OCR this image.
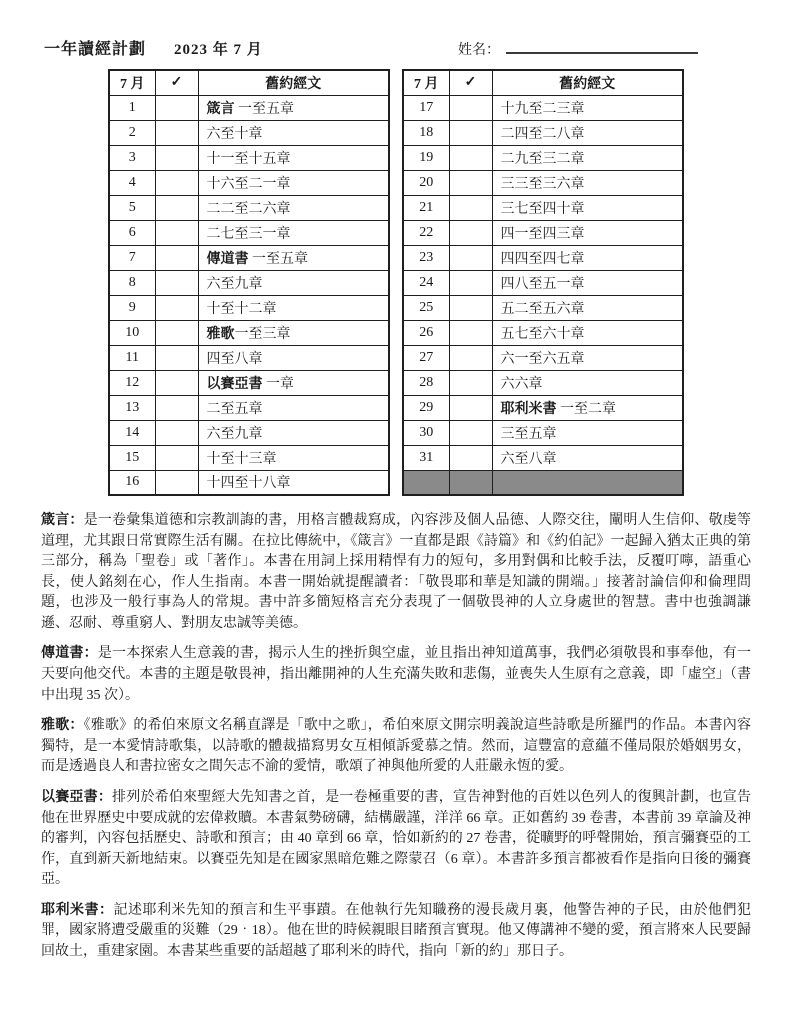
一年讀經計劃 2023 年 7 月	姓名：
7 月	✓	舊約經文
1		箴言 一至五章
2		六至十章
3		十一至十五章
4		十六至二一章
5		二二至二六章
6		二七至三一章
7		傳道書 一至五章
8		六至九章
9		十至十二章
10		雅歌一至三章
11		四至八章
12		以賽亞書 一章
13		二至五章
14		六至九章
15		十至十三章
16		十四至十八章
7 月	✓	舊約經文
17		十九至二三章
18		二四至二八章
19		二九至三二章
20		三三至三六章
21		三七至四十章
22		四一至四三章
23		四四至四七章
24		四八至五一章
25		五二至五六章
26		五七至六十章
27		六一至六五章
28		六六章
29		耶利米書 一至二章
30		三至五章
31		六至八章

箴言：是一卷彙集道德和宗教訓誨的書，用格言體裁寫成，內容涉及個人品德、人際交往，闡明人生信仰、敬虔等道理，尤其跟日常實際生活有關。在拉比傳統中，《箴言》一直都是跟《詩篇》和《約伯記》一起歸入猶太正典的第三部分，稱為「聖卷」或「著作」。本書在用詞上採用精悍有力的短句，多用對偶和比較手法，反覆叮嚀，語重心長，使人銘刻在心，作人生指南。本書一開始就提醒讀者：「敬畏耶和華是知識的開端。」接著討論信仰和倫理問題，也涉及一般行事為人的常規。書中許多簡短格言充分表現了一個敬畏神的人立身處世的智慧。書中也強調謙遜、忍耐、尊重窮人、對朋友忠誠等美德。

傳道書：是一本探索人生意義的書，揭示人生的挫折與空虛，並且指出神知道萬事，我們必須敬畏和事奉他，有一天要向他交代。本書的主題是敬畏神，指出離開神的人生充滿失敗和悲傷，並喪失人生原有之意義，即「虛空」（書中出現 35 次）。

雅歌：《雅歌》的希伯來原文名稱直譯是「歌中之歌」，希伯來原文開宗明義說這些詩歌是所羅門的作品。本書內容獨特，是一本愛情詩歌集，以詩歌的體裁描寫男女互相傾訴愛慕之情。然而，這豐富的意蘊不僅局限於婚姻男女，而是透過良人和書拉密女之間矢志不渝的愛情，歌頌了神與他所愛的人莊嚴永恆的愛。

以賽亞書：排列於希伯來聖經大先知書之首，是一卷極重要的書，宣告神對他的百姓以色列人的復興計劃，也宣告他在世界歷史中要成就的宏偉救贖。本書氣勢磅礴，結構嚴謹，洋洋 66 章。正如舊約 39 卷書，本書前 39 章論及神的審判，內容包括歷史、詩歌和預言；由 40 章到 66 章，恰如新約的 27 卷書，從曠野的呼聲開始，預言彌賽亞的工作，直到新天新地結束。以賽亞先知是在國家黑暗危難之際蒙召（6 章）。本書許多預言都被看作是指向日後的彌賽亞。

耶利米書：記述耶利米先知的預言和生平事蹟。在他執行先知職務的漫長歲月裏，他警告神的子民，由於他們犯罪，國家將遭受嚴重的災難（29‧18）。他在世的時候親眼目睹預言實現。他又傳講神不變的愛，預言將來人民要歸回故土，重建家園。本書某些重要的話超越了耶利米的時代，指向「新的約」那日子。
